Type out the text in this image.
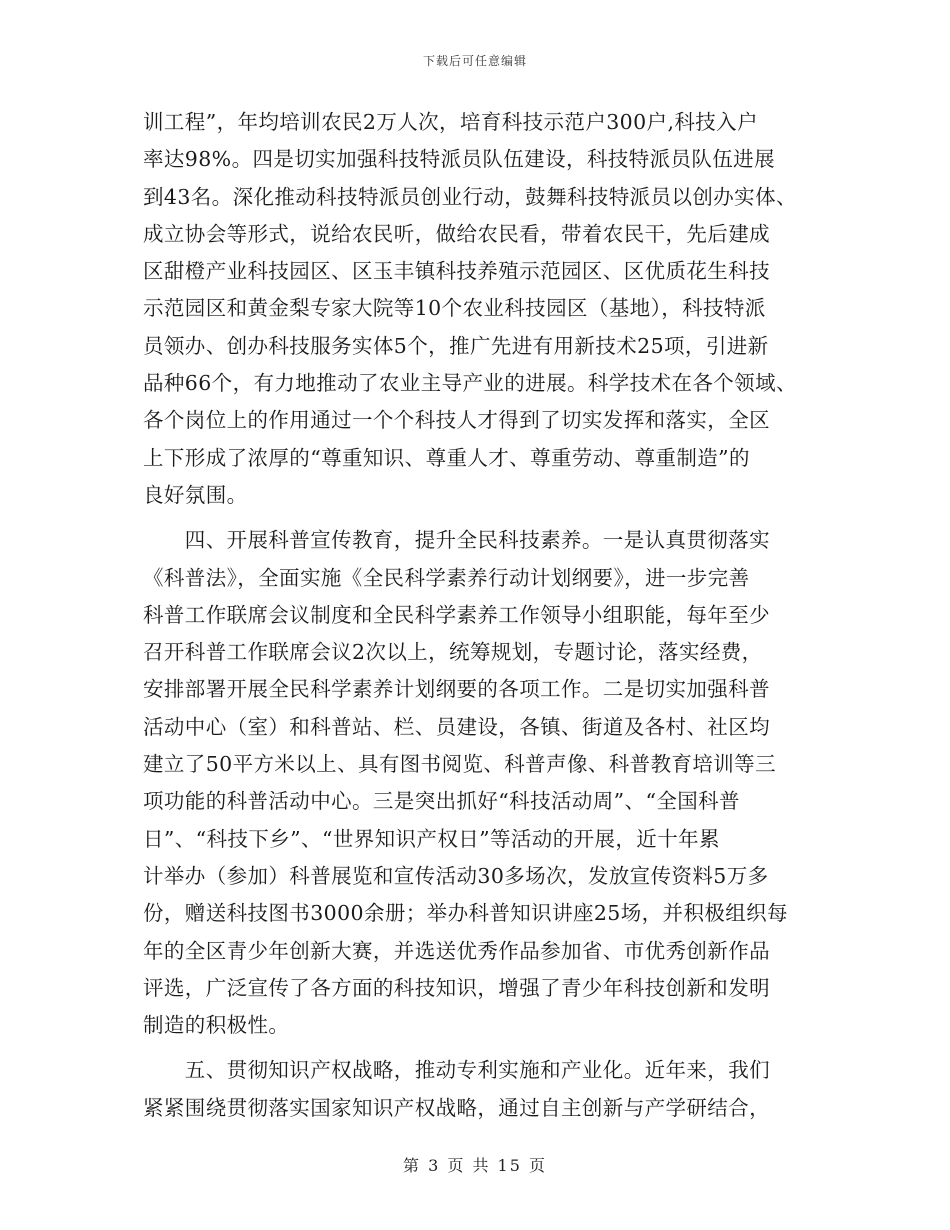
下载后可任意编辑
训工程”，年均培训农民2万人次，培育科技示范户300户,科技入户
率达98%。四是切实加强科技特派员队伍建设，科技特派员队伍进展
到43名。深化推动科技特派员创业行动，鼓舞科技特派员以创办实体、
成立协会等形式，说给农民听，做给农民看，带着农民干，先后建成
区甜橙产业科技园区、区玉丰镇科技养殖示范园区、区优质花生科技
示范园区和黄金梨专家大院等10个农业科技园区（基地），科技特派
员领办、创办科技服务实体5个，推广先进有用新技术25项，引进新
品种66个，有力地推动了农业主导产业的进展。科学技术在各个领域、
各个岗位上的作用通过一个个科技人才得到了切实发挥和落实，全区
上下形成了浓厚的“尊重知识、尊重人才、尊重劳动、尊重制造”的
良好氛围。
　　四、开展科普宣传教育，提升全民科技素养。一是认真贯彻落实
《科普法》，全面实施《全民科学素养行动计划纲要》，进一步完善
科普工作联席会议制度和全民科学素养工作领导小组职能，每年至少
召开科普工作联席会议2次以上，统筹规划，专题讨论，落实经费，
安排部署开展全民科学素养计划纲要的各项工作。二是切实加强科普
活动中心（室）和科普站、栏、员建设，各镇、街道及各村、社区均
建立了50平方米以上、具有图书阅览、科普声像、科普教育培训等三
项功能的科普活动中心。三是突出抓好“科技活动周”、“全国科普
日”、“科技下乡”、“世界知识产权日”等活动的开展，近十年累
计举办（参加）科普展览和宣传活动30多场次，发放宣传资料5万多
份，赠送科技图书3000余册；举办科普知识讲座25场，并积极组织每
年的全区青少年创新大赛，并选送优秀作品参加省、市优秀创新作品
评选，广泛宣传了各方面的科技知识，增强了青少年科技创新和发明
制造的积极性。
　　五、贯彻知识产权战略，推动专利实施和产业化。近年来，我们
紧紧围绕贯彻落实国家知识产权战略，通过自主创新与产学研结合，
第 3 页 共 15 页
